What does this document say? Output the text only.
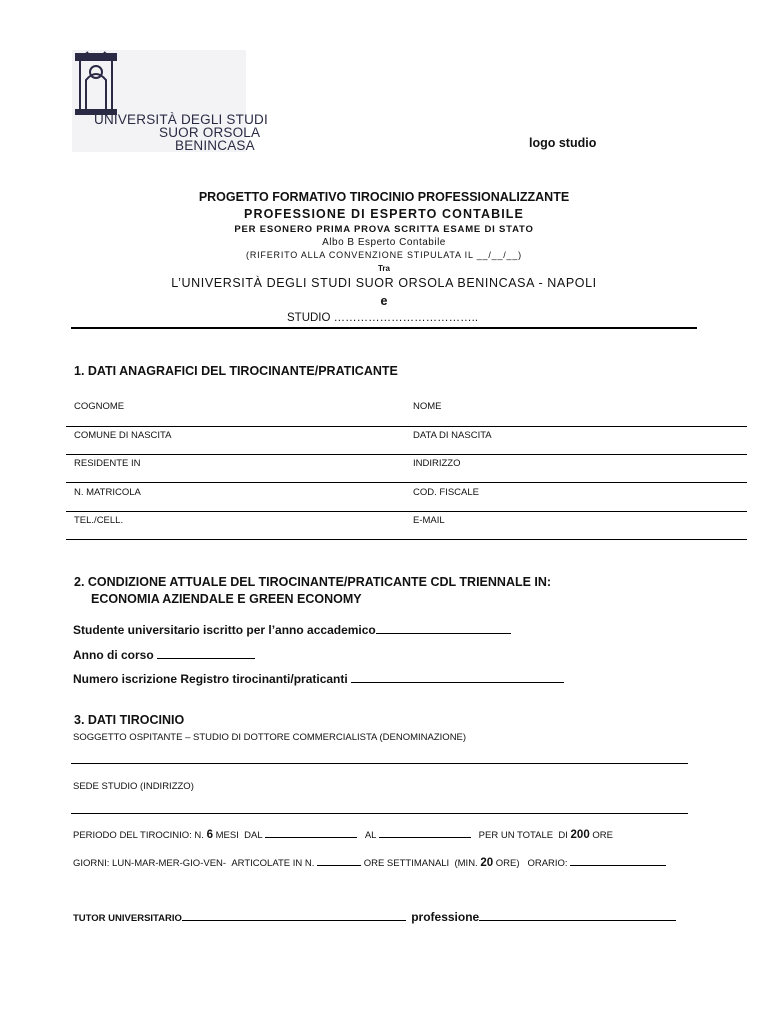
UNIVERSITÀ DEGLI STUDI
SUOR ORSOLA
BENINCASA	logo studio
PROGETTO FORMATIVO TIROCINIO PROFESSIONALIZZANTE
PROFESSIONE DI ESPERTO CONTABILE
PER ESONERO PRIMA PROVA SCRITTA ESAME DI STATO
Albo B Esperto Contabile
(RIFERITO ALLA CONVENZIONE STIPULATA IL __/__/__)
Tra
L’UNIVERSITÀ DEGLI STUDI SUOR ORSOLA BENINCASA - NAPOLI
e
STUDIO ………………………………..
1. DATI ANAGRAFICI DEL TIROCINANTE/PRATICANTE
COGNOME	NOME
COMUNE DI NASCITA	DATA DI NASCITA
RESIDENTE IN	INDIRIZZO
N. MATRICOLA	COD. FISCALE
TEL./CELL.	E-MAIL
2. CONDIZIONE ATTUALE DEL TIROCINANTE/PRATICANTE CDL TRIENNALE IN:
ECONOMIA AZIENDALE E GREEN ECONOMY
Studente universitario iscritto per l’anno accademico
Anno di corso
Numero iscrizione Registro tirocinanti/praticanti
3. DATI TIROCINIO
SOGGETTO OSPITANTE – STUDIO DI DOTTORE COMMERCIALISTA (DENOMINAZIONE)
SEDE STUDIO (INDIRIZZO)
PERIODO DEL TIROCINIO: N. 6 MESI DAL	AL	PER UN TOTALE DI 200 ORE
GIORNI: LUN-MAR-MER-GIO-VEN- ARTICOLATE IN N.	ORE SETTIMANALI (MIN. 20 ORE) ORARIO:
TUTOR UNIVERSITARIO	professione
